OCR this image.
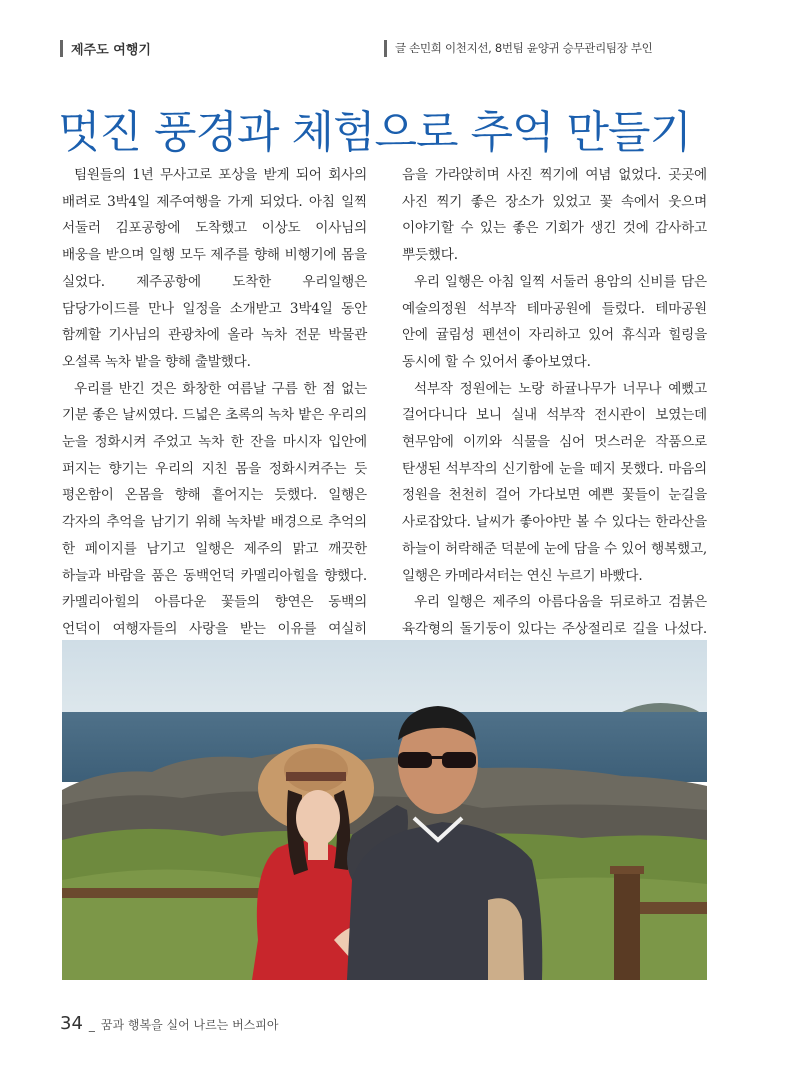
제주도 여행기	글 손민희 이천지선, 8번팀 윤양귀 승무관리팀장 부인
멋진 풍경과 체험으로 추억 만들기

팀원들의 1년 무사고로 포상을 받게 되어 회사의 배려로 3박4일 제주여행을 가게 되었다. 아침 일찍 서둘러 김포공항에 도착했고 이상도 이사님의 배웅을 받으며 일행 모두 제주를 향해 비행기에 몸을 실었다. 제주공항에 도착한 우리일행은 담당가이드를 만나 일정을 소개받고 3박4일 동안 함께할 기사님의 관광차에 올라 녹차 전문 박물관 오설록 녹차 밭을 향해 출발했다.

우리를 반긴 것은 화창한 여름날 구름 한 점 없는 기분 좋은 날씨였다. 드넓은 초록의 녹차 밭은 우리의 눈을 정화시켜 주었고 녹차 한 잔을 마시자 입안에 퍼지는 향기는 우리의 지친 몸을 정화시켜주는 듯 평온함이 온몸을 향해 흩어지는 듯했다. 일행은 각자의 추억을 남기기 위해 녹차밭 배경으로 추억의 한 페이지를 남기고 일행은 제주의 맑고 깨끗한 하늘과 바람을 품은 동백언덕 카멜리아힐을 향했다. 카멜리아힐의 아름다운 꽃들의 향연은 동백의 언덕이 여행자들의 사랑을 받는 이유를 여실히

음을 가라앉히며 사진 찍기에 여념 없었다. 곳곳에 사진 찍기 좋은 장소가 있었고 꽃 속에서 웃으며 이야기할 수 있는 좋은 기회가 생긴 것에 감사하고 뿌듯했다.

우리 일행은 아침 일찍 서둘러 용암의 신비를 담은 예술의정원 석부작 테마공원에 들렀다. 테마공원 안에 귤림성 펜션이 자리하고 있어 휴식과 힐링을 동시에 할 수 있어서 좋아보였다.

석부작 정원에는 노랑 하귤나무가 너무나 예뻤고 걸어다니다 보니 실내 석부작 전시관이 보였는데 현무암에 이끼와 식물을 심어 멋스러운 작품으로 탄생된 석부작의 신기함에 눈을 떼지 못했다. 마음의 정원을 천천히 걸어 가다보면 예쁜 꽃들이 눈길을 사로잡았다. 날씨가 좋아야만 볼 수 있다는 한라산을 하늘이 허락해준 덕분에 눈에 담을 수 있어 행복했고, 일행은 카메라셔터는 연신 누르기 바빴다.

우리 일행은 제주의 아름다움을 뒤로하고 검붉은 육각형의 돌기둥이 있다는 주상절리로 길을 나섰다.

34 _ 꿈과 행복을 실어 나르는 버스피아
